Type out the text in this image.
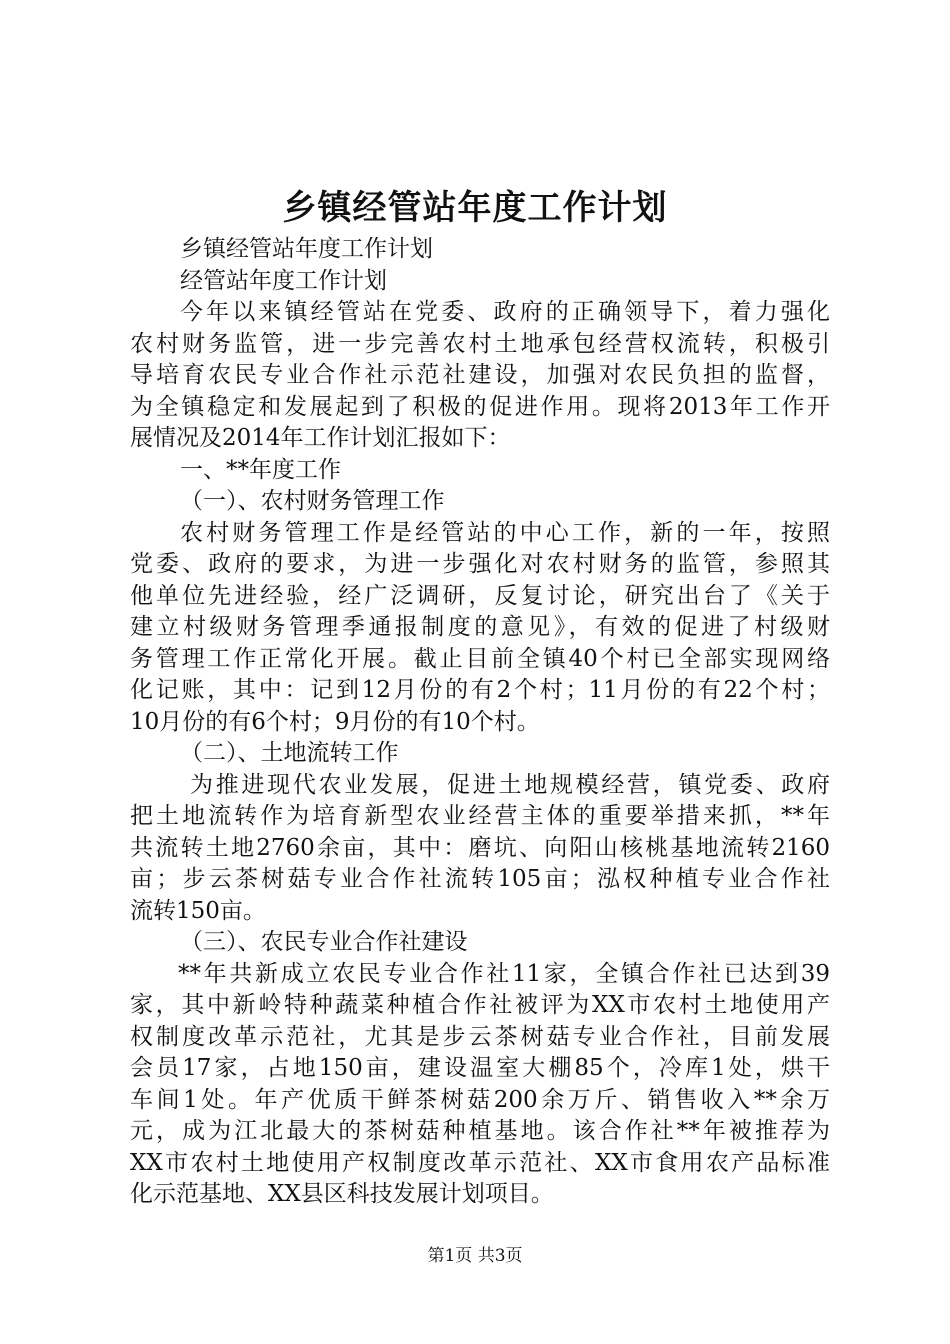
乡镇经管站年度工作计划
乡镇经管站年度工作计划
经管站年度工作计划
今年以来镇经管站在党委、政府的正确领导下，着力强化
农村财务监管，进一步完善农村土地承包经营权流转，积极引
导培育农民专业合作社示范社建设，加强对农民负担的监督，
为全镇稳定和发展起到了积极的促进作用。现将2013年工作开
展情况及2014年工作计划汇报如下：
一、**年度工作
（一）、农村财务管理工作
农村财务管理工作是经管站的中心工作，新的一年，按照
党委、政府的要求，为进一步强化对农村财务的监管，参照其
他单位先进经验，经广泛调研，反复讨论，研究出台了《关于
建立村级财务管理季通报制度的意见》，有效的促进了村级财
务管理工作正常化开展。截止目前全镇40个村已全部实现网络
化记账，其中：记到12月份的有2个村；11月份的有22个村；
10月份的有6个村；9月份的有10个村。
（二）、土地流转工作
为推进现代农业发展，促进土地规模经营，镇党委、政府
把土地流转作为培育新型农业经营主体的重要举措来抓，**年
共流转土地2760余亩，其中：磨坑、向阳山核桃基地流转2160
亩；步云茶树菇专业合作社流转105亩；泓权种植专业合作社
流转150亩。
（三）、农民专业合作社建设
**年共新成立农民专业合作社11家，全镇合作社已达到39
家，其中新岭特种蔬菜种植合作社被评为XX市农村土地使用产
权制度改革示范社，尤其是步云茶树菇专业合作社，目前发展
会员17家，占地150亩，建设温室大棚85个，冷库1处，烘干
车间1处。年产优质干鲜茶树菇200余万斤、销售收入**余万
元，成为江北最大的茶树菇种植基地。该合作社**年被推荐为
XX市农村土地使用产权制度改革示范社、XX市食用农产品标准
化示范基地、XX县区科技发展计划项目。
第1页 共3页
